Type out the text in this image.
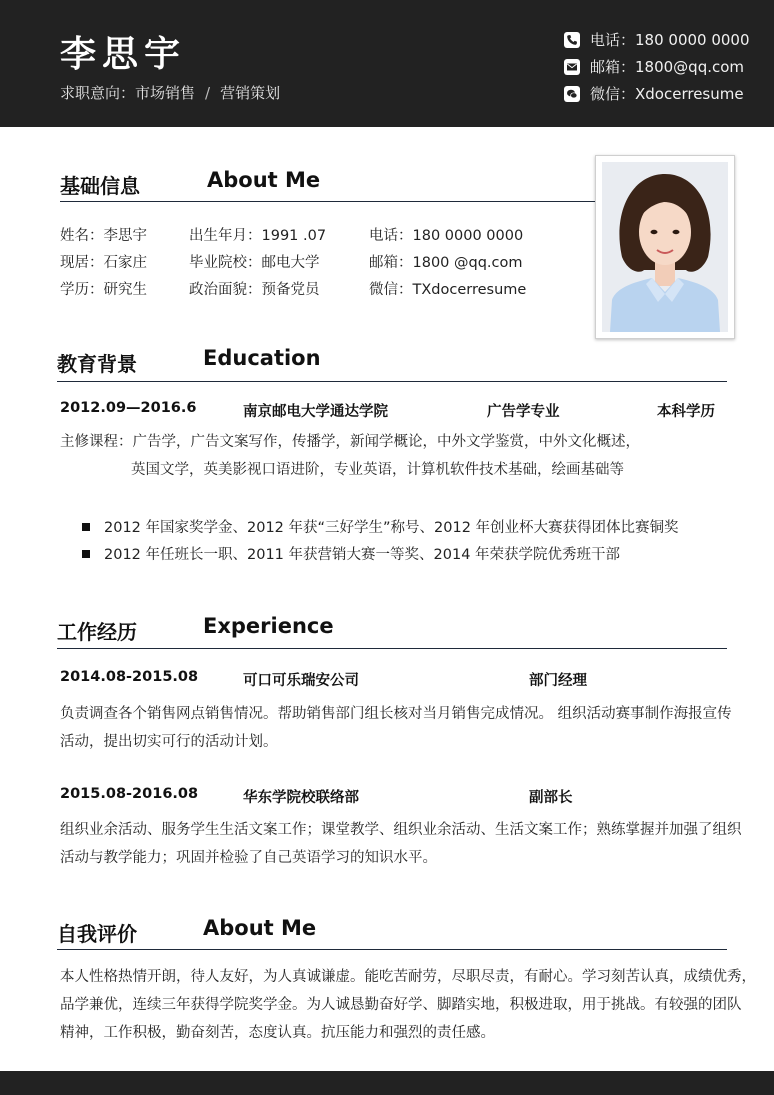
李思宇
求职意向：市场销售 / 营销策划
电话：180 0000 0000
邮箱：1800@qq.com
微信：Xdocerresume
基础信息	About Me
姓名：李思宇	出生年月：1991 .07	电话：180 0000 0000
现居：石家庄	毕业院校：邮电大学	邮箱：1800 @qq.com
学历：研究生	政治面貌：预备党员	微信：TXdocerresume
教育背景	Education
2012.09—2016.6	南京邮电大学通达学院	广告学专业	本科学历
主修课程：广告学，广告文案写作，传播学，新闻学概论，中外文学鉴赏，中外文化概述，
英国文学，英美影视口语进阶，专业英语，计算机软件技术基础，绘画基础等
2012 年国家奖学金、2012 年获“三好学生”称号、2012 年创业杯大赛获得团体比赛铜奖
2012 年任班长一职、2011 年获营销大赛一等奖、2014 年荣获学院优秀班干部
工作经历	Experience
2014.08-2015.08	可口可乐瑞安公司	部门经理
负责调查各个销售网点销售情况。帮助销售部门组长核对当月销售完成情况。 组织活动赛事制作海报宣传
活动，提出切实可行的活动计划。
2015.08-2016.08	华东学院校联络部	副部长
组织业余活动、服务学生生活文案工作；课堂教学、组织业余活动、生活文案工作；熟练掌握并加强了组织
活动与教学能力；巩固并检验了自己英语学习的知识水平。
自我评价	About Me
本人性格热情开朗，待人友好，为人真诚谦虚。能吃苦耐劳，尽职尽责，有耐心。学习刻苦认真，成绩优秀，
品学兼优，连续三年获得学院奖学金。为人诚恳勤奋好学、脚踏实地，积极进取，用于挑战。有较强的团队
精神，工作积极，勤奋刻苦，态度认真。抗压能力和强烈的责任感。
